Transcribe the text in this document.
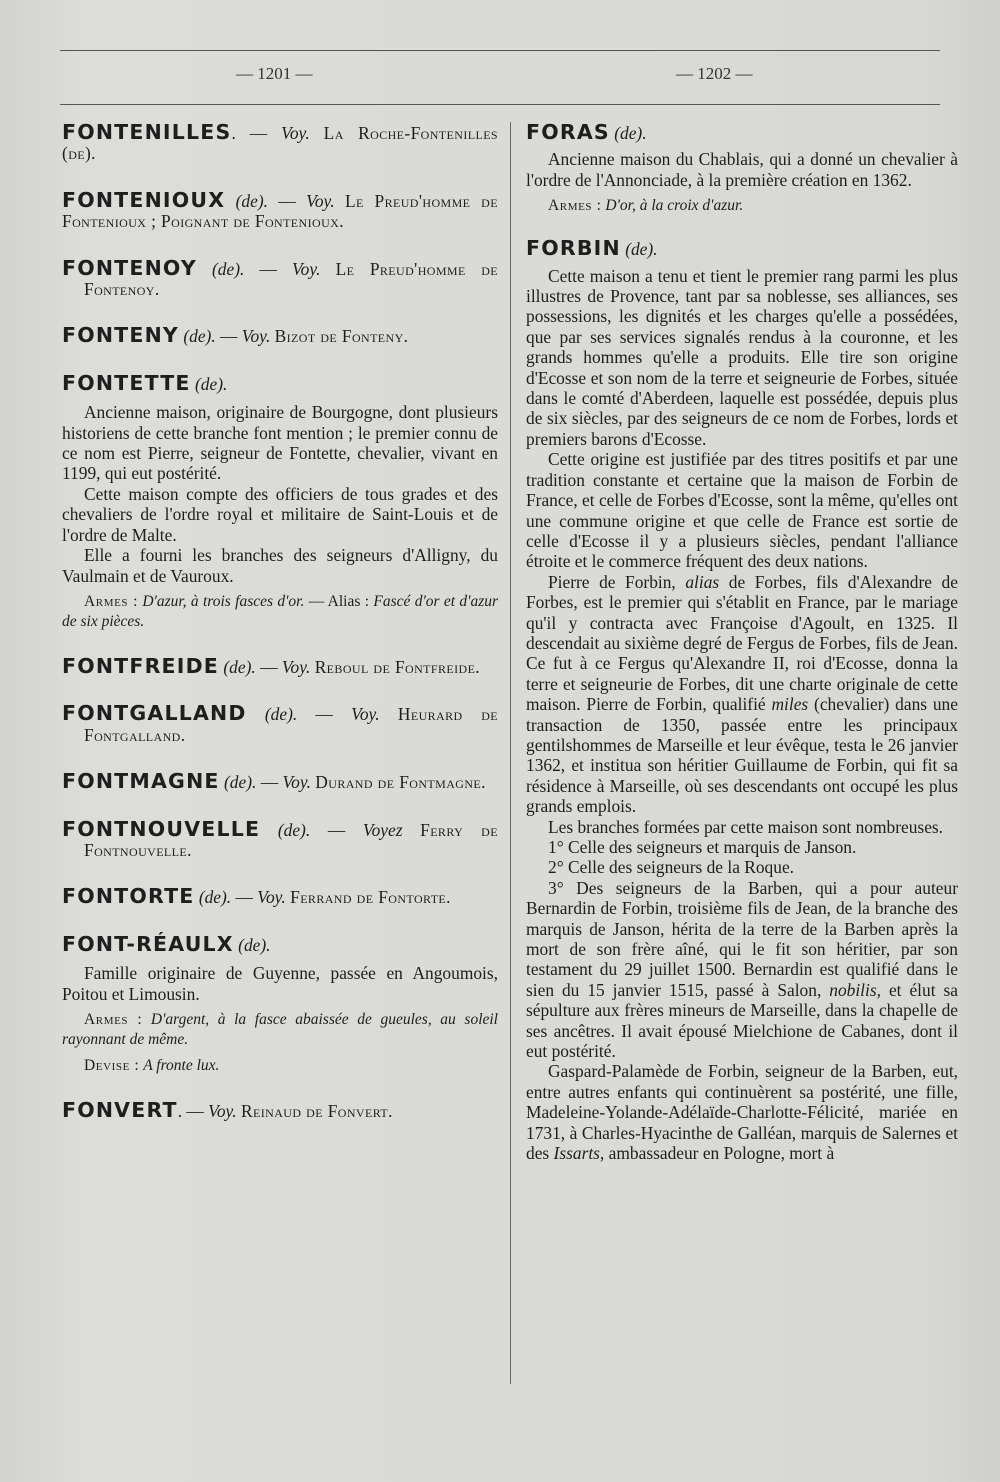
— 1201 —	— 1202 —
FONTENILLES. — Voy. La Roche-Fontenilles (de).
FONTENIOUX (de). — Voy. Le Preud'homme de Fontenioux ; Poignant de Fontenioux.
FONTENOY (de). — Voy. Le Preud'homme de Fontenoy.
FONTENY (de). — Voy. Bizot de Fonteny.
FONTETTE (de).

Ancienne maison, originaire de Bourgogne, dont plusieurs historiens de cette branche font mention ; le premier connu de ce nom est Pierre, seigneur de Fontette, chevalier, vivant en 1199, qui eut postérité.

Cette maison compte des officiers de tous grades et des chevaliers de l'ordre royal et militaire de Saint-Louis et de l'ordre de Malte.

Elle a fourni les branches des seigneurs d'Alligny, du Vaulmain et de Vauroux.

Armes : D'azur, à trois fasces d'or. — Alias : Fascé d'or et d'azur de six pièces.

FONTFREIDE (de). — Voy. Reboul de Fontfreide.
FONTGALLAND (de). — Voy. Heurard de Fontgalland.
FONTMAGNE (de). — Voy. Durand de Fontmagne.
FONTNOUVELLE (de). — Voyez Ferry de Fontnouvelle.
FONTORTE (de). — Voy. Ferrand de Fontorte.
FONT-RÉAULX (de).

Famille originaire de Guyenne, passée en Angoumois, Poitou et Limousin.

Armes : D'argent, à la fasce abaissée de gueules, au soleil rayonnant de même.

Devise : A fronte lux.

FONVERT. — Voy. Reinaud de Fonvert.
FORAS (de).

Ancienne maison du Chablais, qui a donné un chevalier à l'ordre de l'Annonciade, à la première création en 1362.

Armes : D'or, à la croix d'azur.

FORBIN (de).

Cette maison a tenu et tient le premier rang parmi les plus illustres de Provence, tant par sa noblesse, ses alliances, ses possessions, les dignités et les charges qu'elle a possédées, que par ses services signalés rendus à la couronne, et les grands hommes qu'elle a produits. Elle tire son origine d'Ecosse et son nom de la terre et seigneurie de Forbes, située dans le comté d'Aberdeen, laquelle est possédée, depuis plus de six siècles, par des seigneurs de ce nom de Forbes, lords et premiers barons d'Ecosse.

Cette origine est justifiée par des titres positifs et par une tradition constante et certaine que la maison de Forbin de France, et celle de Forbes d'Ecosse, sont la même, qu'elles ont une commune origine et que celle de France est sortie de celle d'Ecosse il y a plusieurs siècles, pendant l'alliance étroite et le commerce fréquent des deux nations.

Pierre de Forbin, alias de Forbes, fils d'Alexandre de Forbes, est le premier qui s'établit en France, par le mariage qu'il y contracta avec Françoise d'Agoult, en 1325. Il descendait au sixième degré de Fergus de Forbes, fils de Jean. Ce fut à ce Fergus qu'Alexandre II, roi d'Ecosse, donna la terre et seigneurie de Forbes, dit une charte originale de cette maison. Pierre de Forbin, qualifié miles (chevalier) dans une transaction de 1350, passée entre les principaux gentilshommes de Marseille et leur évêque, testa le 26 janvier 1362, et institua son héritier Guillaume de Forbin, qui fit sa résidence à Marseille, où ses descendants ont occupé les plus grands emplois.

Les branches formées par cette maison sont nombreuses.

1° Celle des seigneurs et marquis de Janson.

2° Celle des seigneurs de la Roque.

3° Des seigneurs de la Barben, qui a pour auteur Bernardin de Forbin, troisième fils de Jean, de la branche des marquis de Janson, hérita de la terre de la Barben après la mort de son frère aîné, qui le fit son héritier, par son testament du 29 juillet 1500. Bernardin est qualifié dans le sien du 15 janvier 1515, passé à Salon, nobilis, et élut sa sépulture aux frères mineurs de Marseille, dans la chapelle de ses ancêtres. Il avait épousé Mielchione de Cabanes, dont il eut postérité.

Gaspard-Palamède de Forbin, seigneur de la Barben, eut, entre autres enfants qui continuèrent sa postérité, une fille, Madeleine-Yolande-Adélaïde-Charlotte-Félicité, mariée en 1731, à Charles-Hyacinthe de Galléan, marquis de Salernes et des Issarts, ambassadeur en Pologne, mort à
